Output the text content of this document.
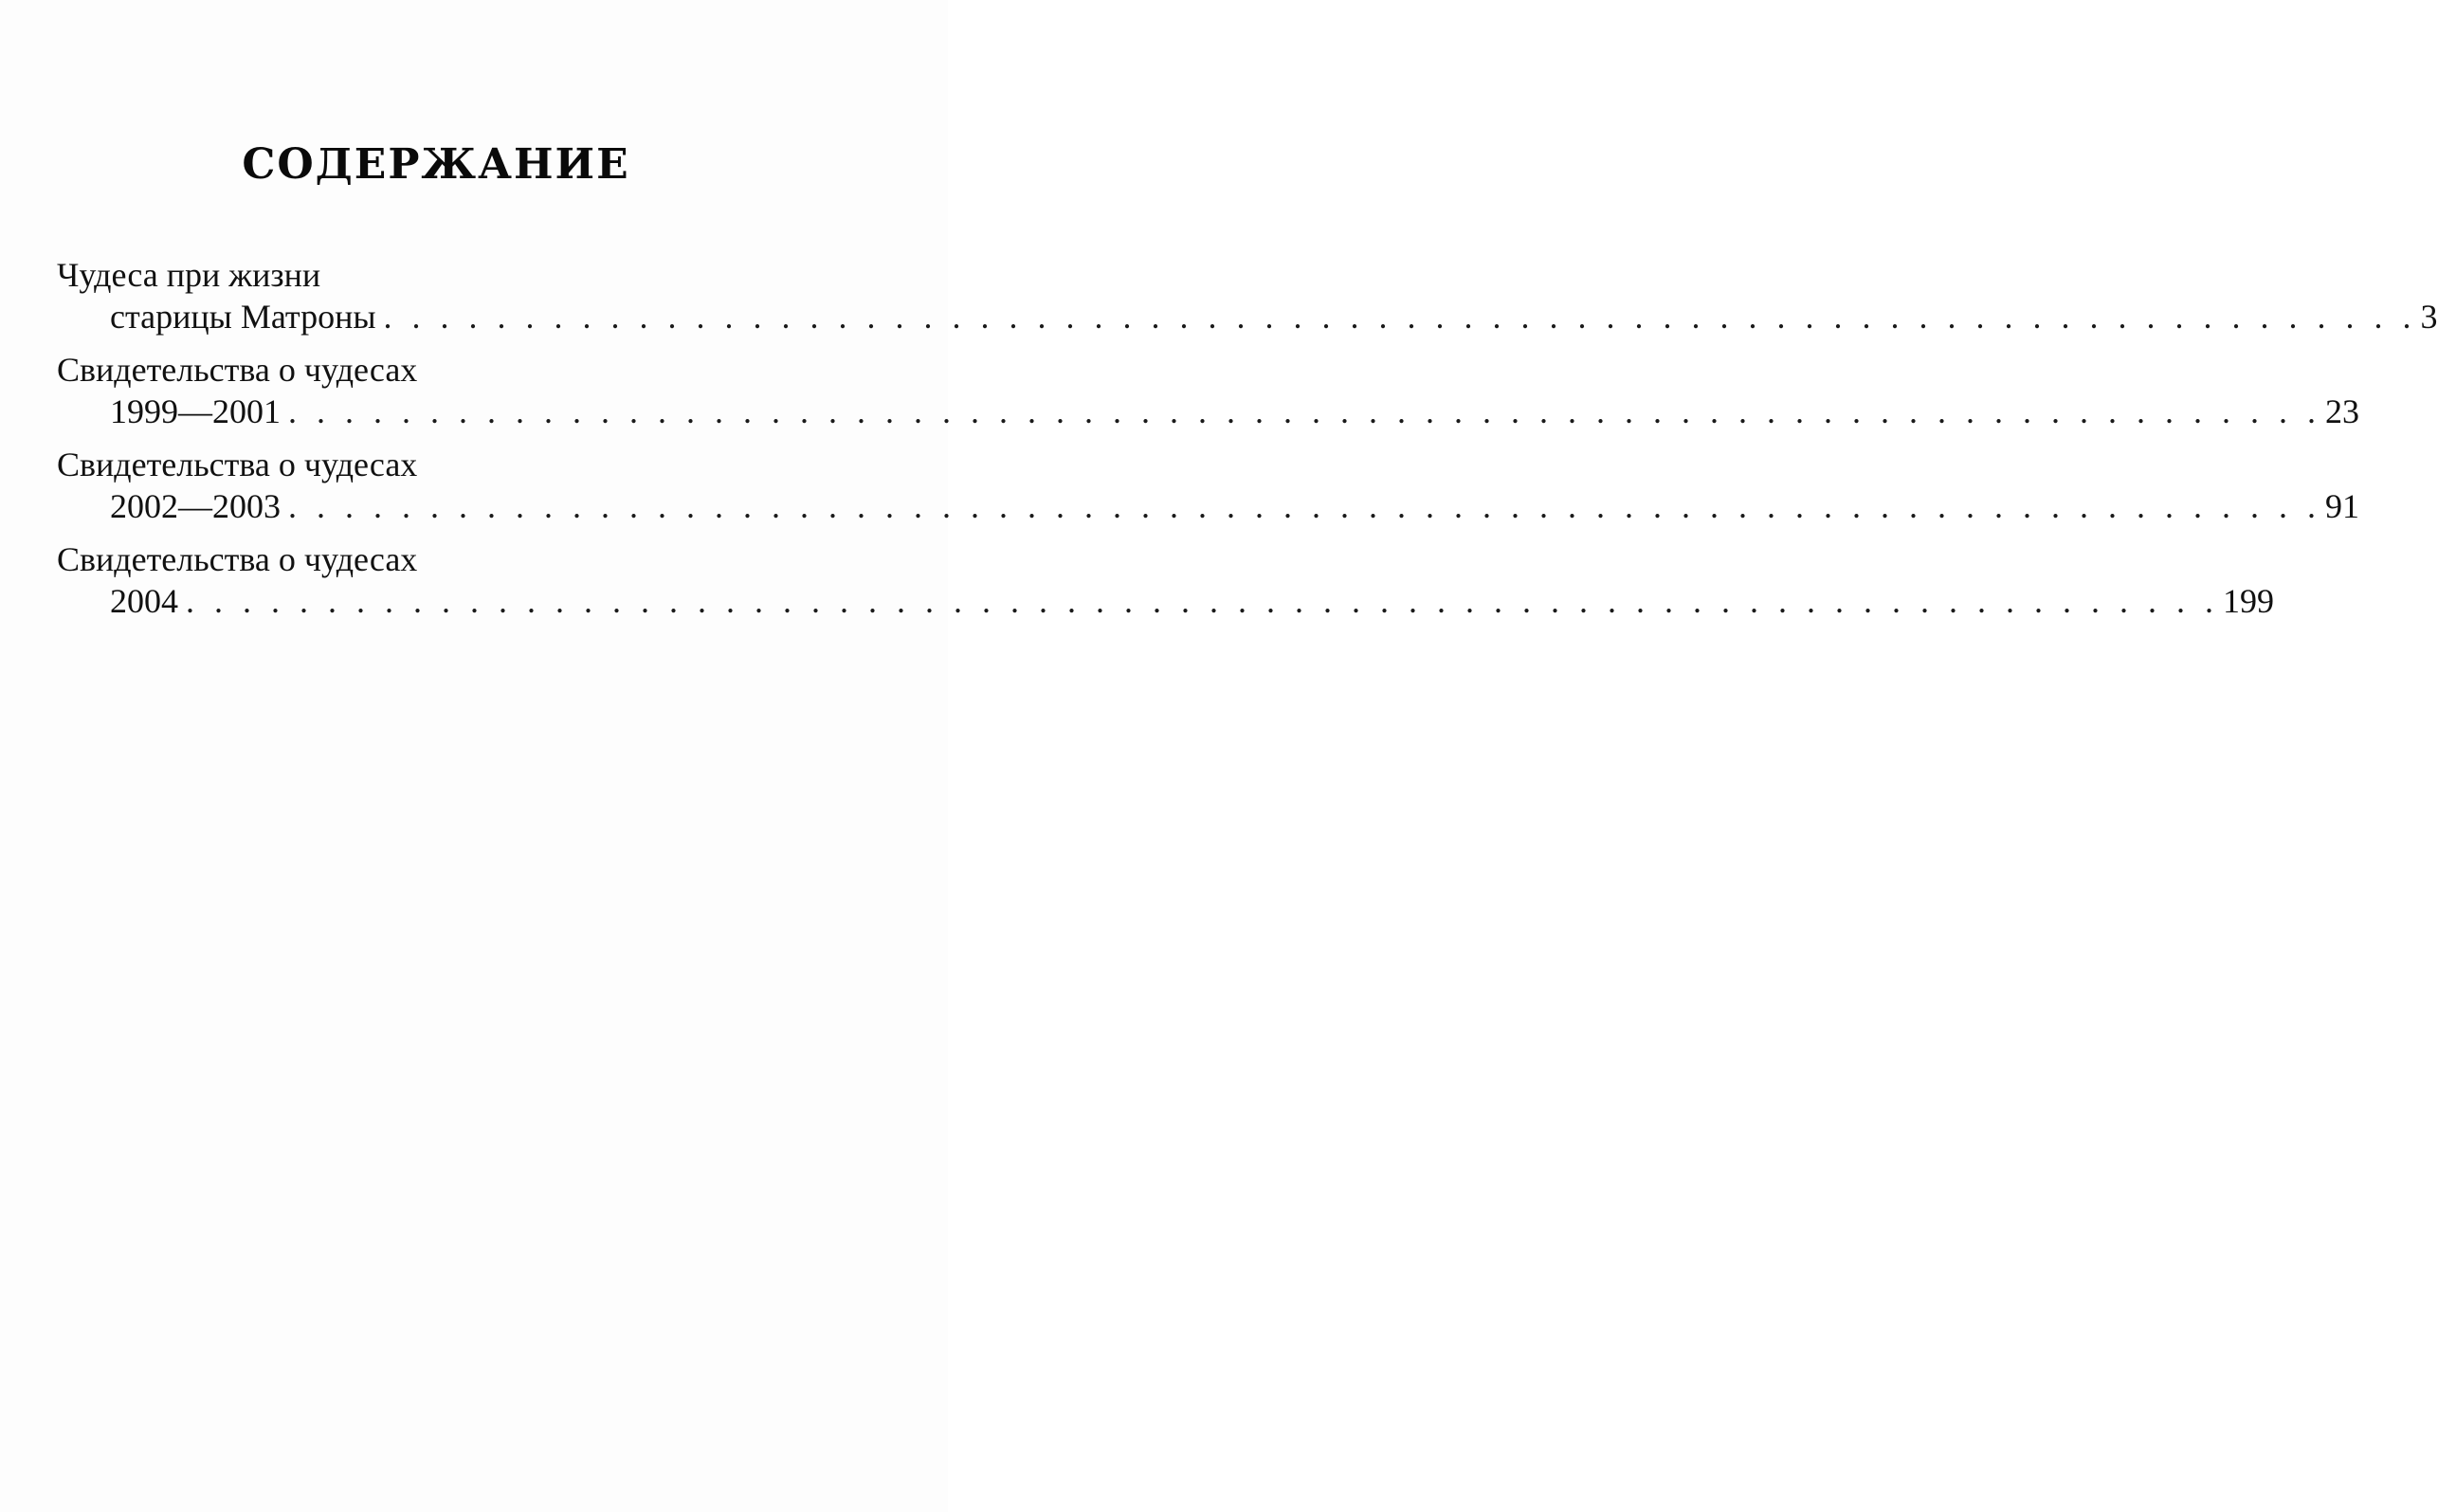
СОДЕРЖАНИЕ
Чудеса при жизни
старицы Матроны . . . . . . . . . . . . . . . . . . . . . . . . . . . . . . . . . . . . . . . . . . . . . . . . . . . . . . . . . . . . . . . . . . . . . . . . 3
Свидетельства о чудесах
1999—2001 . . . . . . . . . . . . . . . . . . . . . . . . . . . . . . . . . . . . . . . . . . . . . . . . . . . . . . . . . . . . . . . . . . . . . . . . 23
Свидетельства о чудесах
2002—2003 . . . . . . . . . . . . . . . . . . . . . . . . . . . . . . . . . . . . . . . . . . . . . . . . . . . . . . . . . . . . . . . . . . . . . . . . 91
Свидетельства о чудесах
2004 . . . . . . . . . . . . . . . . . . . . . . . . . . . . . . . . . . . . . . . . . . . . . . . . . . . . . . . . . . . . . . . . . . . . . . . . 199
